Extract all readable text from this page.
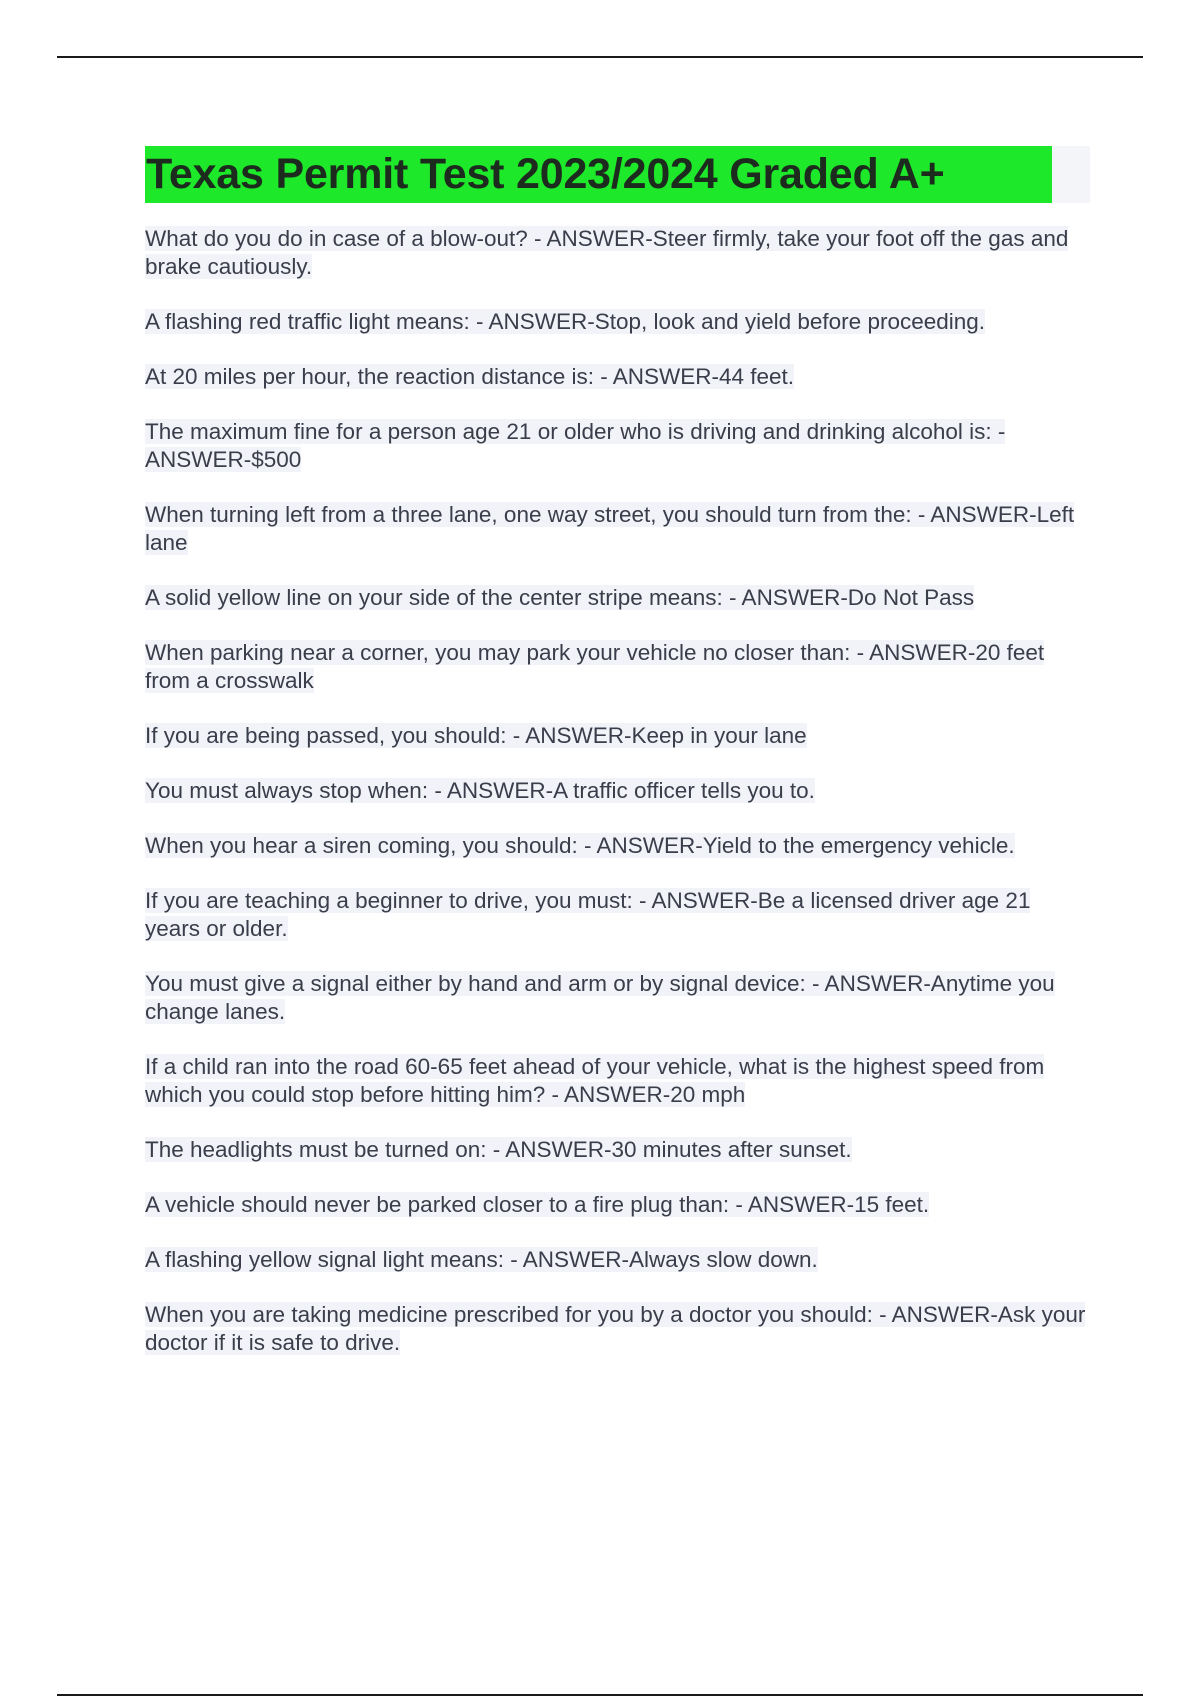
Texas Permit Test 2023/2024 Graded A+
What do you do in case of a blow-out? - ANSWER-Steer firmly, take your foot off the gas and brake cautiously.
A flashing red traffic light means: - ANSWER-Stop, look and yield before proceeding.
At 20 miles per hour, the reaction distance is: - ANSWER-44 feet.
The maximum fine for a person age 21 or older who is driving and drinking alcohol is: - ANSWER-$500
When turning left from a three lane, one way street, you should turn from the: - ANSWER-Left lane
A solid yellow line on your side of the center stripe means: - ANSWER-Do Not Pass
When parking near a corner, you may park your vehicle no closer than: - ANSWER-20 feet from a crosswalk
If you are being passed, you should: - ANSWER-Keep in your lane
You must always stop when: - ANSWER-A traffic officer tells you to.
When you hear a siren coming, you should: - ANSWER-Yield to the emergency vehicle.
If you are teaching a beginner to drive, you must: - ANSWER-Be a licensed driver age 21 years or older.
You must give a signal either by hand and arm or by signal device: - ANSWER-Anytime you change lanes.
If a child ran into the road 60-65 feet ahead of your vehicle, what is the highest speed from which you could stop before hitting him? - ANSWER-20 mph
The headlights must be turned on: - ANSWER-30 minutes after sunset.
A vehicle should never be parked closer to a fire plug than: - ANSWER-15 feet.
A flashing yellow signal light means: - ANSWER-Always slow down.
When you are taking medicine prescribed for you by a doctor you should: - ANSWER-Ask your doctor if it is safe to drive.
